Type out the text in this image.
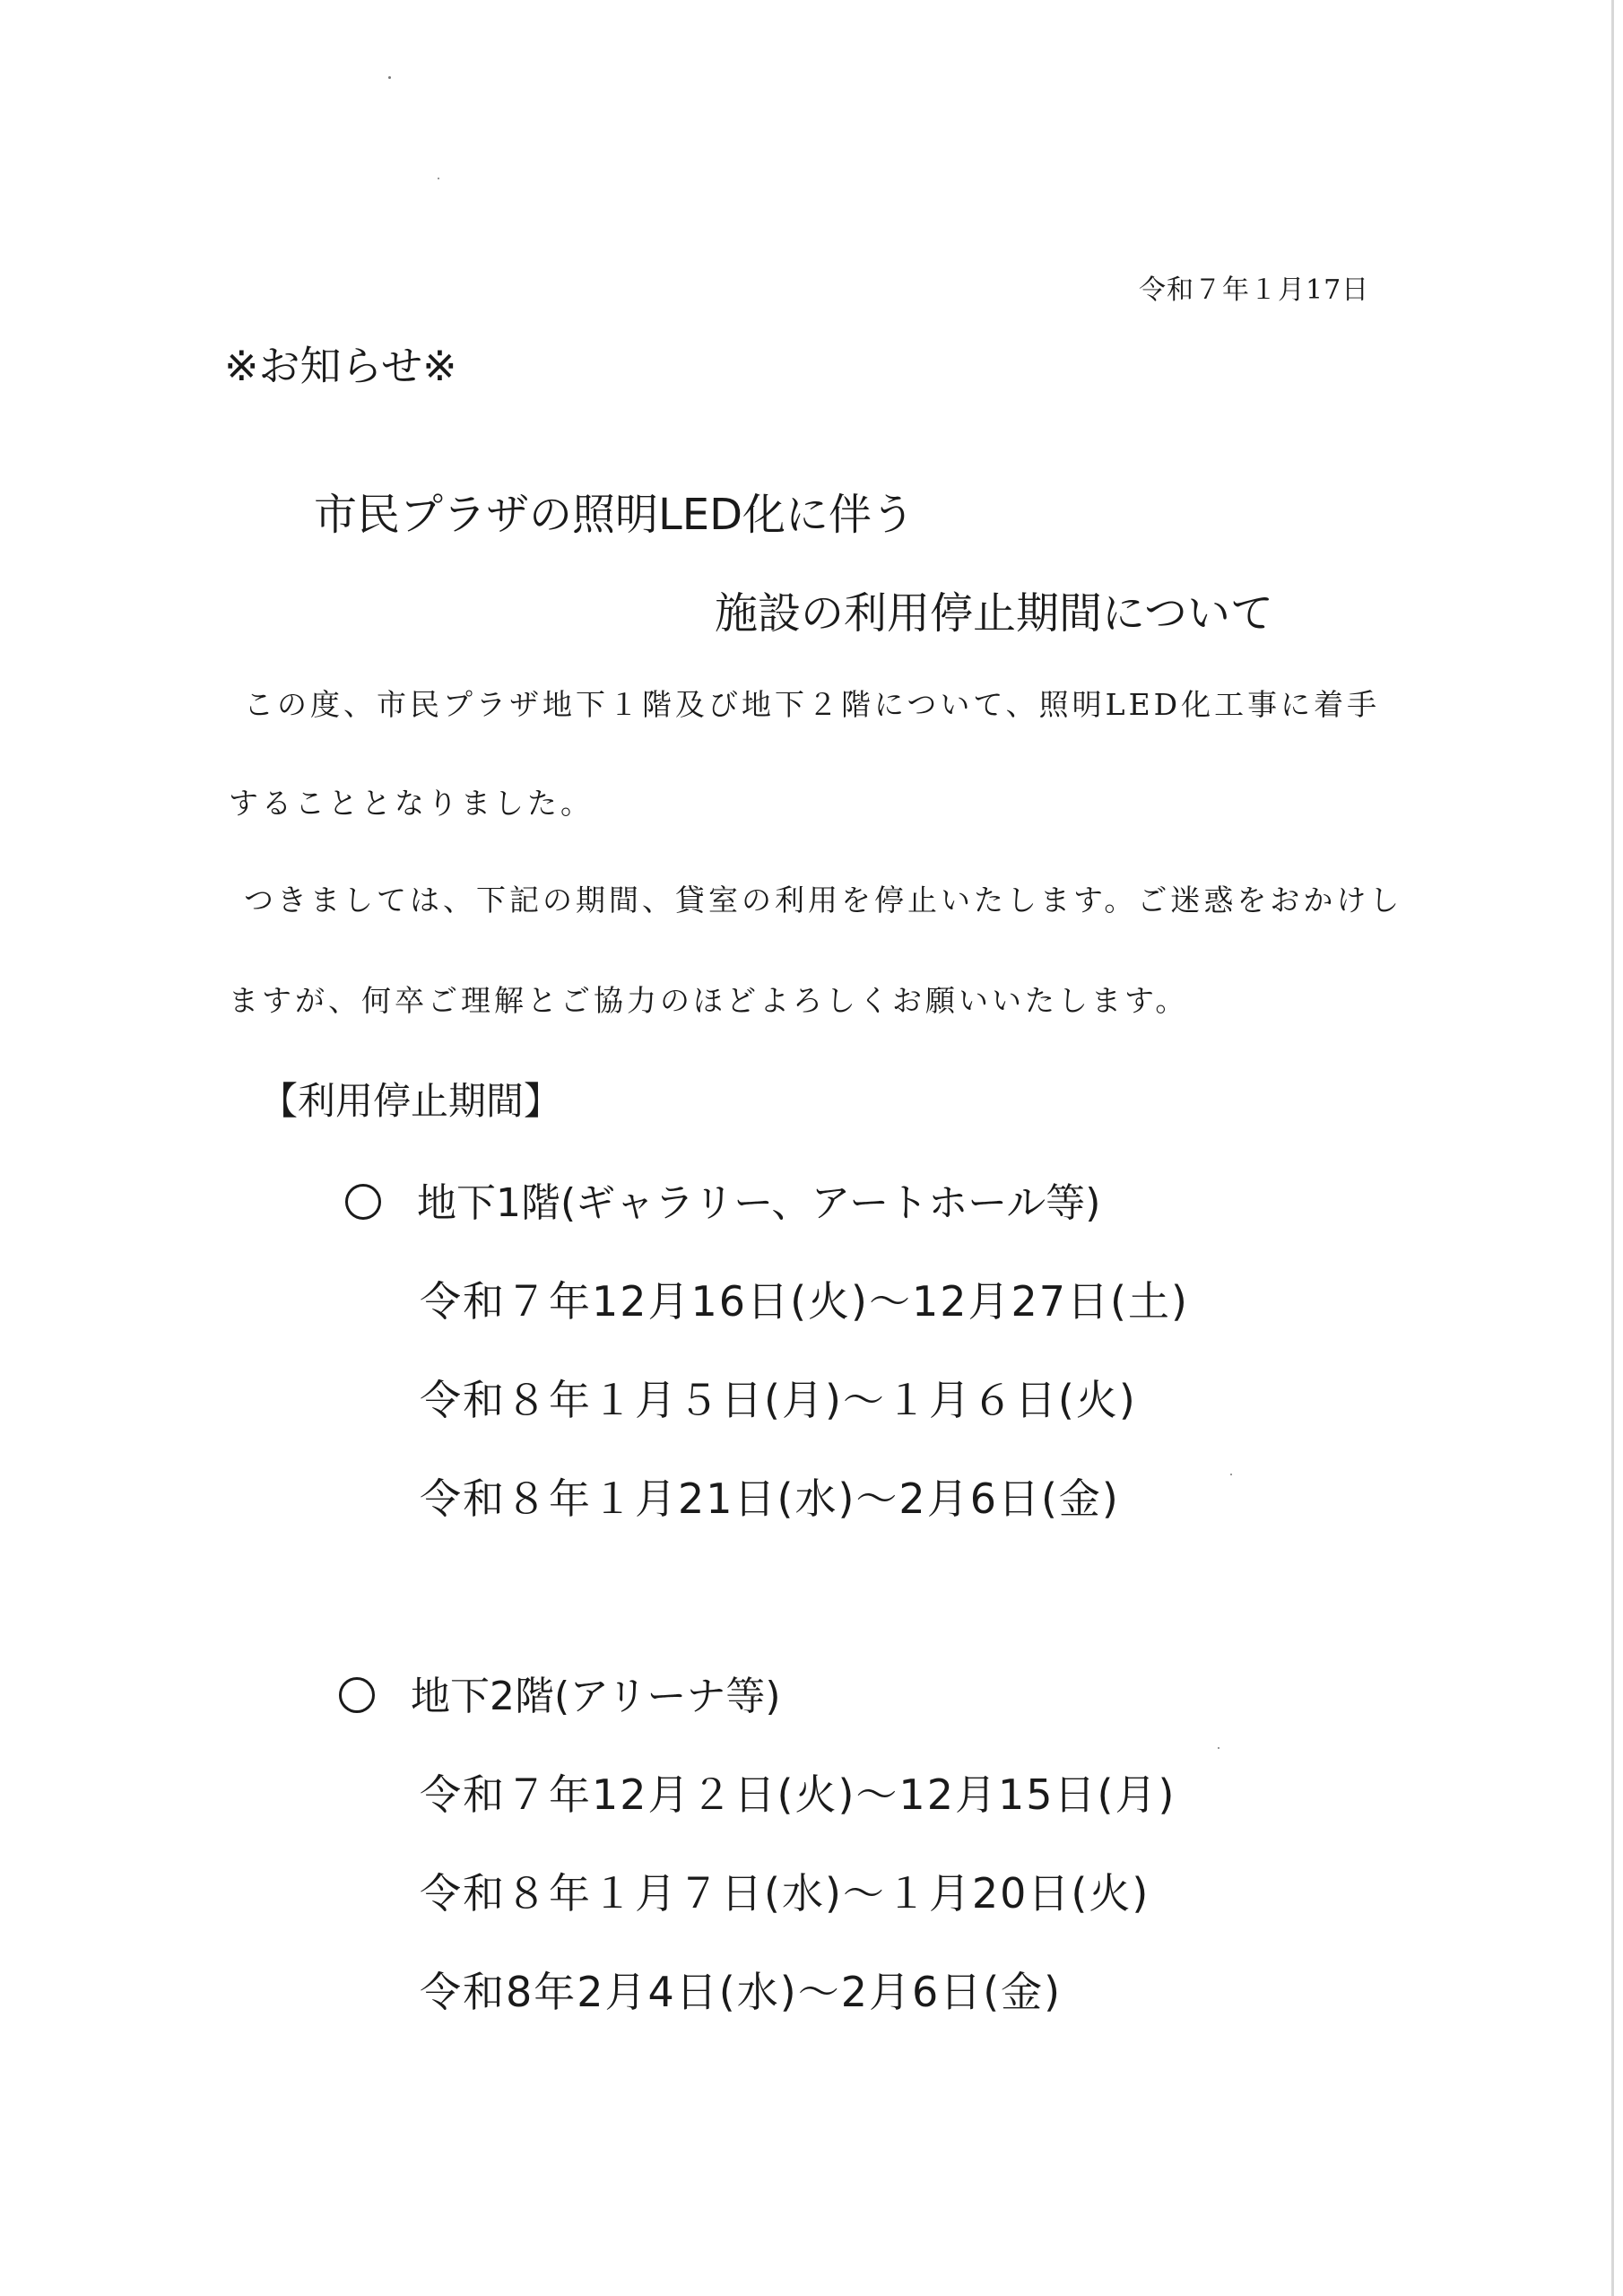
令和７年１月17日
※お知らせ※
市民プラザの照明LED化に伴う
施設の利用停止期間について
この度、市民プラザ地下１階及び地下２階について、照明LED化工事に着手
することとなりました。
つきましては、下記の期間、貸室の利用を停止いたします。ご迷惑をおかけし
ますが、何卒ご理解とご協力のほどよろしくお願いいたします。
【利用停止期間】
地下1階(ギャラリー、アートホール等)
令和７年12月16日(火)～12月27日(土)
令和８年１月５日(月)～１月６日(火)
令和８年１月21日(水)～2月6日(金)
地下2階(アリーナ等)
令和７年12月２日(火)～12月15日(月)
令和８年１月７日(水)～１月20日(火)
令和8年2月4日(水)～2月6日(金)
